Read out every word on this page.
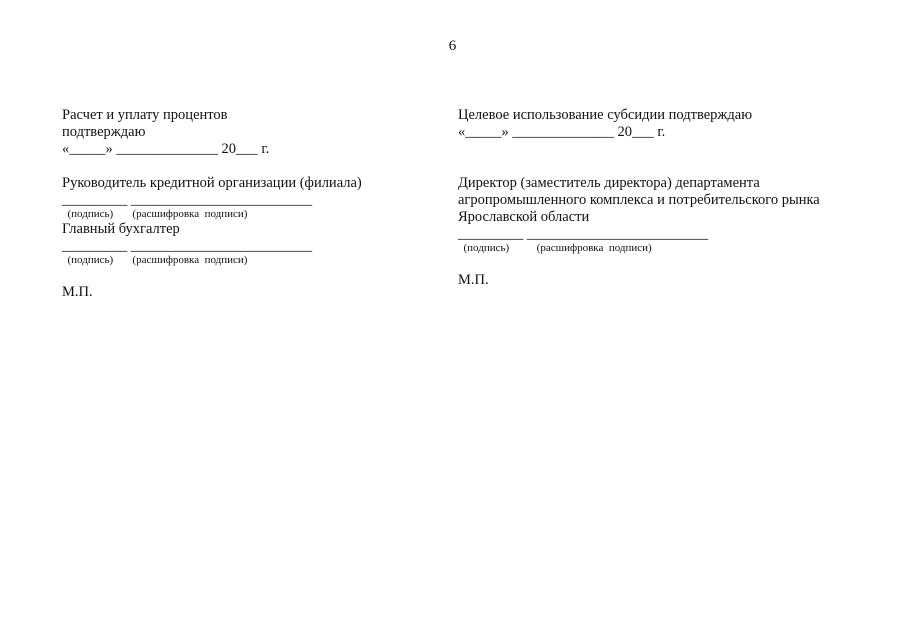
6
Расчет и уплату процентов
подтверждаю
«_____» ______________ 20___ г.
Руководитель кредитной организации (филиала)
_________ _________________________
(подпись)       (расшифровка  подписи)
Главный бухгалтер
_________ _________________________
(подпись)       (расшифровка  подписи)
М.П.
Целевое использование субсидии подтверждаю
«_____» ______________ 20___ г.
Директор (заместитель директора) департамента
агропромышленного комплекса и потребительского рынка
Ярославской области
_________ _________________________
(подпись)          (расшифровка  подписи)
М.П.
